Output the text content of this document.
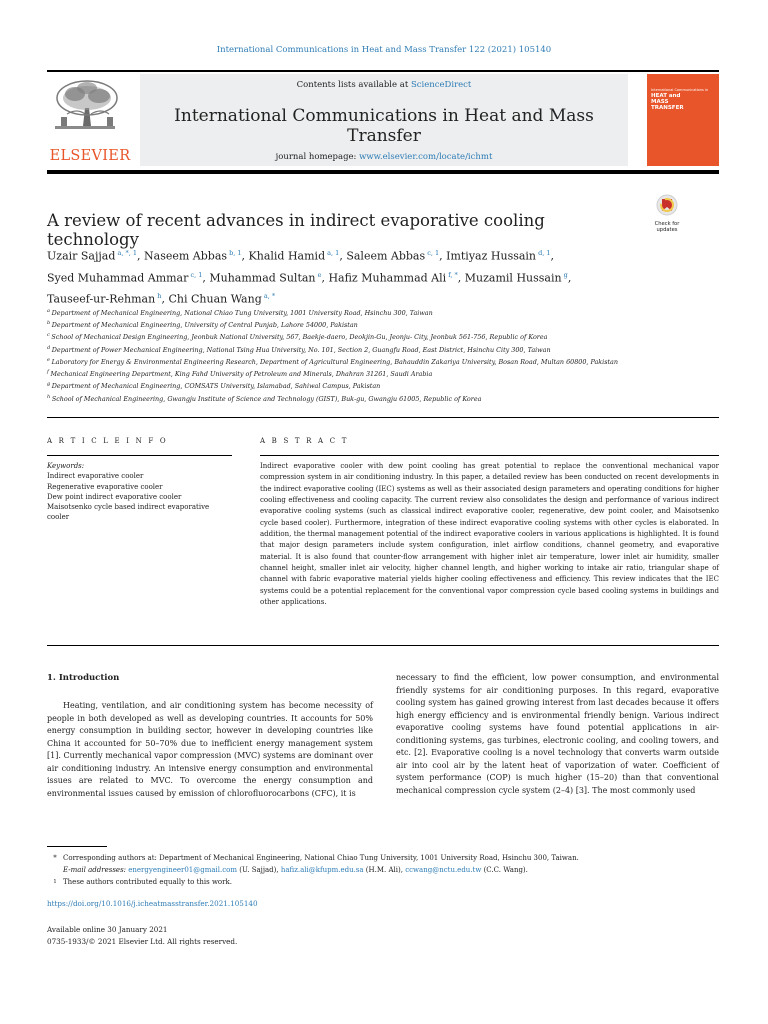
International Communications in Heat and Mass Transfer 122 (2021) 105140
Contents lists available at ScienceDirect
International Communications in Heat and Mass Transfer
journal homepage: www.elsevier.com/locate/ichmt
ELSEVIER
International Communications in
HEAT and MASS TRANSFER
A review of recent advances in indirect evaporative cooling technology
Check for updates
Uzair Sajjad $^{a, *, 1}$, Naseem Abbas $^{b, 1}$, Khalid Hamid $^{a, 1}$, Saleem Abbas $^{c, 1}$, Imtiyaz Hussain $^{d, 1}$,
Syed Muhammad Ammar $^{c, 1}$, Muhammad Sultan $^e$, Hafiz Muhammad Ali $^{f, *}$, Muzamil Hussain $^g$,
Tauseef-ur-Rehman $^h$, Chi Chuan Wang $^{a, *}$
$^a$ Department of Mechanical Engineering, National Chiao Tung University, 1001 University Road, Hsinchu 300, Taiwan
$^b$ Department of Mechanical Engineering, University of Central Punjab, Lahore 54000, Pakistan
$^c$ School of Mechanical Design Engineering, Jeonbuk National University, 567, Baekje-daero, Deokjin-Gu, Jeonju- City, Jeonbuk 561-756, Republic of Korea
$^d$ Department of Power Mechanical Engineering, National Tsing Hua University, No. 101, Section 2, Guangfu Road, East District, Hsinchu City 300, Taiwan
$^e$ Laboratory for Energy & Environmental Engineering Research, Department of Agricultural Engineering, Bahauddin Zakariya University, Bosan Road, Multan 60800, Pakistan
$^f$ Mechanical Engineering Department, King Fahd University of Petroleum and Minerals, Dhahran 31261, Saudi Arabia
$^g$ Department of Mechanical Engineering, COMSATS University, Islamabad, Sahiwal Campus, Pakistan
$^h$ School of Mechanical Engineering, Gwangju Institute of Science and Technology (GIST), Buk-gu, Gwangju 61005, Republic of Korea
A R T I C L E I N F O
Keywords:
Indirect evaporative cooler
Regenerative evaporative cooler
Dew point indirect evaporative cooler
Maisotsenko cycle based indirect evaporative cooler
A B S T R A C T
Indirect evaporative cooler with dew point cooling has great potential to replace the conventional mechanical vapor compression system in air conditioning industry. In this paper, a detailed review has been conducted on recent developments in the indirect evaporative cooling (IEC) systems as well as their associated design parameters and operating conditions for higher cooling effectiveness and cooling capacity. The current review also consolidates the design and performance of various indirect evaporative cooling systems (such as classical indirect evaporative cooler, regenerative, dew point cooler, and Maisotsenko cycle based cooler). Furthermore, integration of these indirect evaporative cooling systems with other cycles is elaborated. In addition, the thermal management potential of the indirect evaporative coolers in various applications is highlighted. It is found that major design parameters include system configuration, inlet airflow conditions, channel geometry, and evaporative material. It is also found that counter-flow arrangement with higher inlet air temperature, lower inlet air humidity, smaller channel height, smaller inlet air velocity, higher channel length, and higher working to intake air ratio, triangular shape of channel with fabric evaporative material yields higher cooling effectiveness and efficiency. This review indicates that the IEC systems could be a potential replacement for the conventional vapor compression cycle based cooling systems in buildings and other applications.
1. Introduction
Heating, ventilation, and air conditioning system has become necessity of people in both developed as well as developing countries. It accounts for 50% energy consumption in building sector, however in developing countries like China it accounted for 50–70% due to inefficient energy management system [1]. Currently mechanical vapor compression (MVC) systems are dominant over air conditioning industry. An intensive energy consumption and environmental issues are related to MVC. To overcome the energy consumption and environmental issues caused by emission of chlorofluorocarbons (CFC), it is
necessary to find the efficient, low power consumption, and environmental friendly systems for air conditioning purposes. In this regard, evaporative cooling system has gained growing interest from last decades because it offers high energy efficiency and is environmental friendly benign. Various indirect evaporative cooling systems have found potential applications in air-conditioning systems, gas turbines, electronic cooling, and cooling towers, and etc. [2]. Evaporative cooling is a novel technology that converts warm outside air into cool air by the latent heat of vaporization of water. Coefficient of system performance (COP) is much higher (15–20) than that conventional mechanical compression cycle system (2–4) [3]. The most commonly used
* Corresponding authors at: Department of Mechanical Engineering, National Chiao Tung University, 1001 University Road, Hsinchu 300, Taiwan.
E-mail addresses: energyengineer01@gmail.com (U. Sajjad), hafiz.ali@kfupm.edu.sa (H.M. Ali), ccwang@nctu.edu.tw (C.C. Wang).
1 These authors contributed equally to this work.
https://doi.org/10.1016/j.icheatmasstransfer.2021.105140
Available online 30 January 2021
0735-1933/© 2021 Elsevier Ltd. All rights reserved.
